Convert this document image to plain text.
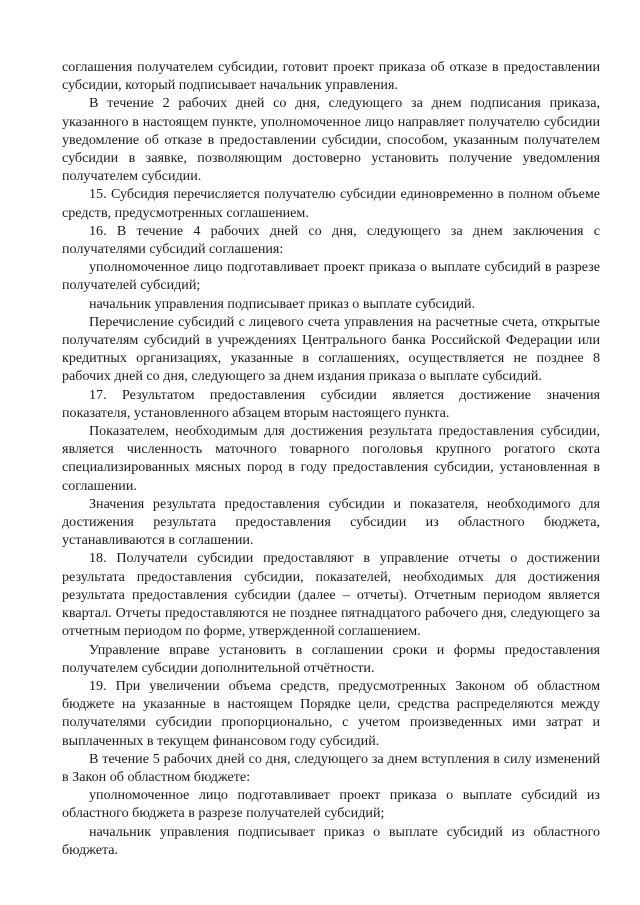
соглашения получателем субсидии, готовит проект приказа об отказе в предоставлении субсидии, который подписывает начальник управления.

В течение 2 рабочих дней со дня, следующего за днем подписания приказа, указанного в настоящем пункте, уполномоченное лицо направляет получателю субсидии уведомление об отказе в предоставлении субсидии, способом, указанным получателем субсидии в заявке, позволяющим достоверно установить получение уведомления получателем субсидии.

15. Субсидия перечисляется получателю субсидии единовременно в полном объеме средств, предусмотренных соглашением.

16. В течение 4 рабочих дней со дня, следующего за днем заключения с получателями субсидий соглашения:

уполномоченное лицо подготавливает проект приказа о выплате субсидий в разрезе получателей субсидий;

начальник управления подписывает приказ о выплате субсидий.

Перечисление субсидий с лицевого счета управления на расчетные счета, открытые получателям субсидий в учреждениях Центрального банка Российской Федерации или кредитных организациях, указанные в соглашениях, осуществляется не позднее 8 рабочих дней со дня, следующего за днем издания приказа о выплате субсидий.

17. Результатом предоставления субсидии является достижение значения показателя, установленного абзацем вторым настоящего пункта.

Показателем, необходимым для достижения результата предоставления субсидии, является численность маточного товарного поголовья крупного рогатого скота специализированных мясных пород в году предоставления субсидии, установленная в соглашении.

Значения результата предоставления субсидии и показателя, необходимого для достижения результата предоставления субсидии из областного бюджета, устанавливаются в соглашении.

18. Получатели субсидии предоставляют в управление отчеты о достижении результата предоставления субсидии, показателей, необходимых для достижения результата предоставления субсидии (далее – отчеты). Отчетным периодом является квартал. Отчеты предоставляются не позднее пятнадцатого рабочего дня, следующего за отчетным периодом по форме, утвержденной соглашением.

Управление вправе установить в соглашении сроки и формы предоставления получателем субсидии дополнительной отчётности.

19. При увеличении объема средств, предусмотренных Законом об областном бюджете на указанные в настоящем Порядке цели, средства распределяются между получателями субсидии пропорционально, с учетом произведенных ими затрат и выплаченных в текущем финансовом году субсидий.

В течение 5 рабочих дней со дня, следующего за днем вступления в силу изменений в Закон об областном бюджете:

уполномоченное лицо подготавливает проект приказа о выплате субсидий из областного бюджета в разрезе получателей субсидий;

начальник управления подписывает приказ о выплате субсидий из областного бюджета.
